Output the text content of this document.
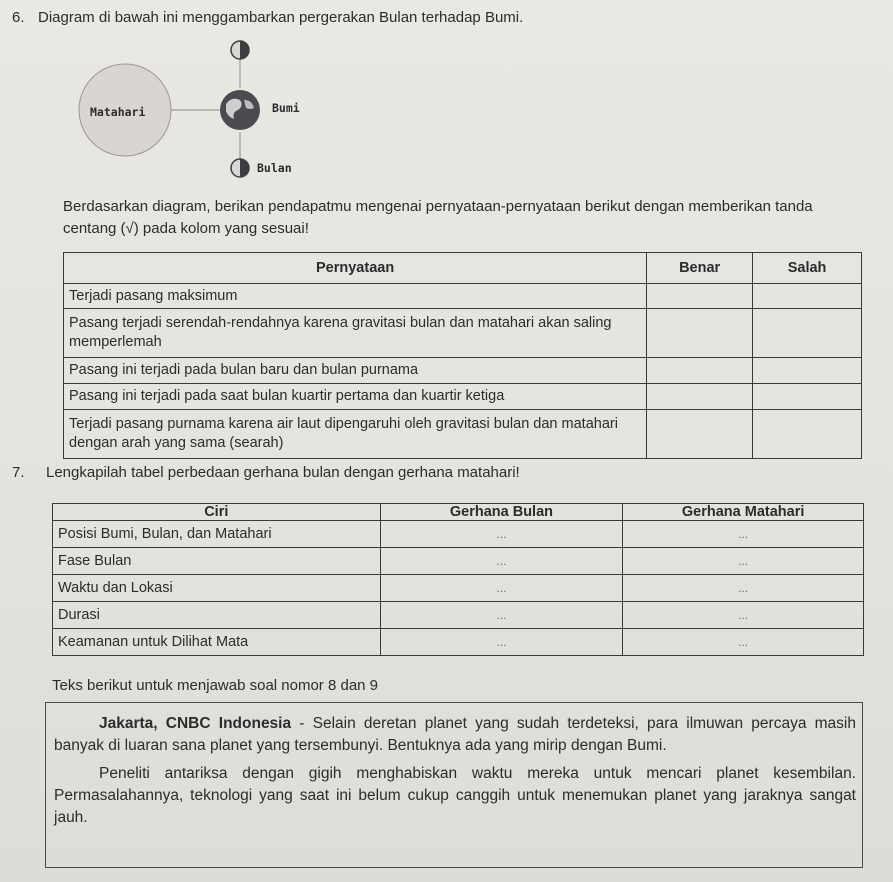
6. Diagram di bawah ini menggambarkan pergerakan Bulan terhadap Bumi.
Matahari	Bumi
Bulan
Berdasarkan diagram, berikan pendapatmu mengenai pernyataan-pernyataan berikut dengan memberikan tanda centang (√) pada kolom yang sesuai!
Pernyataan	Benar	Salah
Terjadi pasang maksimum		
Pasang terjadi serendah-rendahnya karena gravitasi bulan dan matahari akan saling memperlemah		
Pasang ini terjadi pada bulan baru dan bulan purnama		
Pasang ini terjadi pada saat bulan kuartir pertama dan kuartir ketiga		
Terjadi pasang purnama karena air laut dipengaruhi oleh gravitasi bulan dan matahari dengan arah yang sama (searah)		
7. Lengkapilah tabel perbedaan gerhana bulan dengan gerhana matahari!
Ciri	Gerhana Bulan	Gerhana Matahari
Posisi Bumi, Bulan, dan Matahari	...	...
Fase Bulan	...	...
Waktu dan Lokasi	...	...
Durasi	...	...
Keamanan untuk Dilihat Mata	...	...
Teks berikut untuk menjawab soal nomor 8 dan 9

Jakarta, CNBC Indonesia - Selain deretan planet yang sudah terdeteksi, para ilmuwan percaya masih banyak di luaran sana planet yang tersembunyi. Bentuknya ada yang mirip dengan Bumi.

Peneliti antariksa dengan gigih menghabiskan waktu mereka untuk mencari planet kesembilan. Permasalahannya, teknologi yang saat ini belum cukup canggih untuk menemukan planet yang jaraknya sangat jauh.
